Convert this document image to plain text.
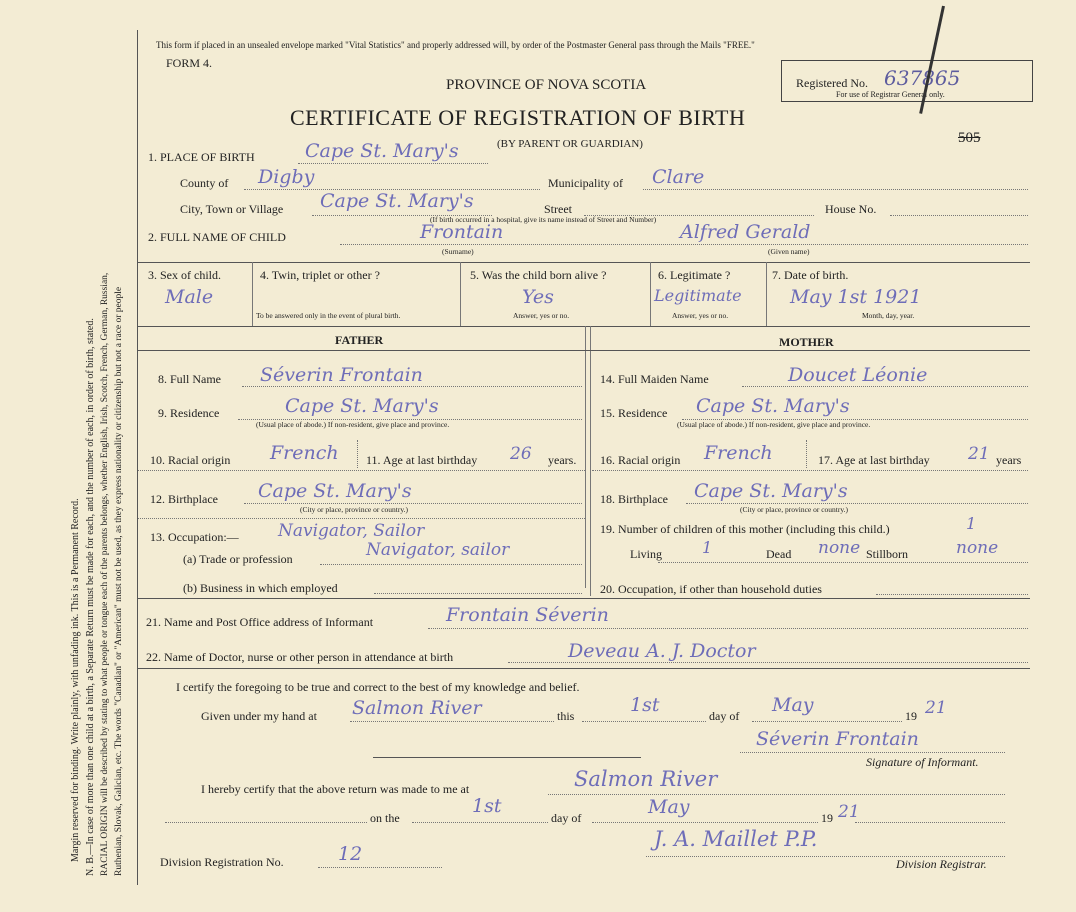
Margin reserved for binding. Write plainly, with unfading ink. This is a Permanent Record. N. B.—In case of more than one child at a birth, a Separate Return must be made for each, and the number of each, in order of birth, stated. RACIAL ORIGIN will be described by stating to what people or tongue each of the parents belongs, whether English, Irish, Scotch, French, German, Russian, Ruthenian, Slovak, Galician, etc. The words "Canadian" or "American" must not be used, as they express nationality or citizenship but not a race or people
This form if placed in an unsealed envelope marked "Vital Statistics" and properly addressed will, by order of the Postmaster General pass through the Mails "FREE."
FORM 4.
PROVINCE OF NOVA SCOTIA
CERTIFICATE OF REGISTRATION OF BIRTH
(BY PARENT OR GUARDIAN)
Registered No. 637865
For use of Registrar General only.
505
1. PLACE OF BIRTH	Cape St. Mary's
County of Digby	Municipality of Clare
City, Town or Village Cape St. Mary's	Street	House No.
(If birth occurred in a hospital, give its name instead of Street and Number)
2. FULL NAME OF CHILD	Frontain	Alfred Gerald
(Surname)	(Given name)
3. Sex of child.
Male
4. Twin, triplet or other ?
To be answered only in the event of plural birth.
5. Was the child born alive ?
Yes
Answer, yes or no.
6. Legitimate ?
Legitimate
Answer, yes or no.
7. Date of birth.
May 1st 1921
Month, day, year.
FATHER	MOTHER
8. Full Name Séverin Frontain
9. Residence	Cape St. Mary's
(Usual place of abode.) If non-resident, give place and province.
10. Racial origin French 11. Age at last birthday 26 years.
12. Birthplace Cape St. Mary's
(City or place, province or country.)
13. Occupation:— Navigator, Sailor
(a) Trade or profession	Navigator, sailor
(b) Business in which employed
14. Full Maiden Name	Doucet Léonie
15. Residence Cape St. Mary's
(Usual place of abode.) If non-resident, give place and province.
16. Racial origin French	17. Age at last birthday 21 years
18. Birthplace Cape St. Mary's
(City or place, province or country.)
19. Number of children of this mother (including this child.)	1
Living	1	Dead none Stillborn	none
20. Occupation, if other than household duties
21. Name and Post Office address of Informant	Frontain Séverin
22. Name of Doctor, nurse or other person in attendance at birth	Deveau A. J. Doctor
I certify the foregoing to be true and correct to the best of my knowledge and belief.
Given under my hand at Salmon River	this	1st	day of May	19 21
Séverin Frontain
Signature of Informant.
I hereby certify that the above return was made to me at	Salmon River
on the
1st
day of	May	19 21
Division Registration No.	12
J. A. Maillet P.P.
Division Registrar.
